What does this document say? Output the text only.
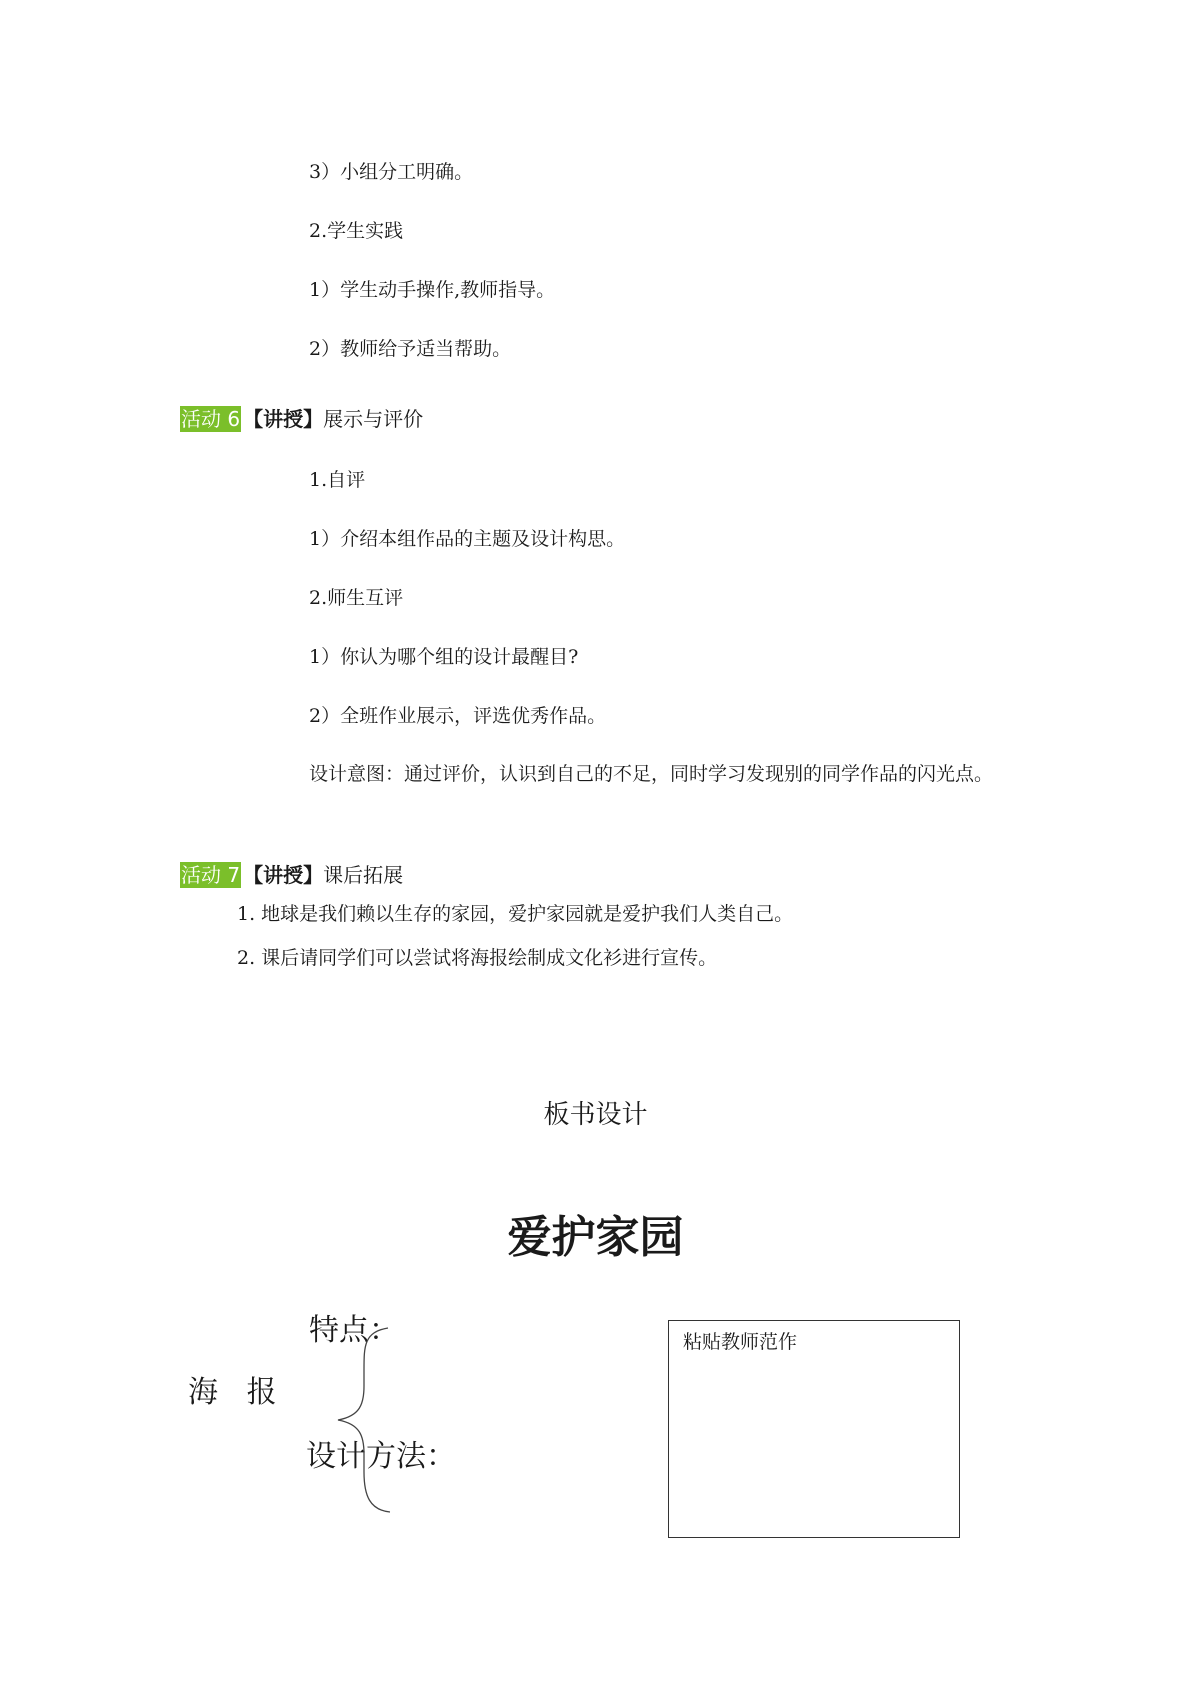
3）小组分工明确。
2.学生实践
1）学生动手操作,教师指导。
2）教师给予适当帮助。
活动 6 【讲授】展示与评价
1.自评
1）介绍本组作品的主题及设计构思。
2.师生互评
1）你认为哪个组的设计最醒目?
2）全班作业展示，评选优秀作品。
设计意图：通过评价，认识到自己的不足，同时学习发现别的同学作品的闪光点。
活动 7 【讲授】课后拓展
1. 地球是我们赖以生存的家园，爱护家园就是爱护我们人类自己。
2. 课后请同学们可以尝试将海报绘制成文化衫进行宣传。
板书设计
爱护家园
特点：
海   报
设计方法：
粘贴教师范作
